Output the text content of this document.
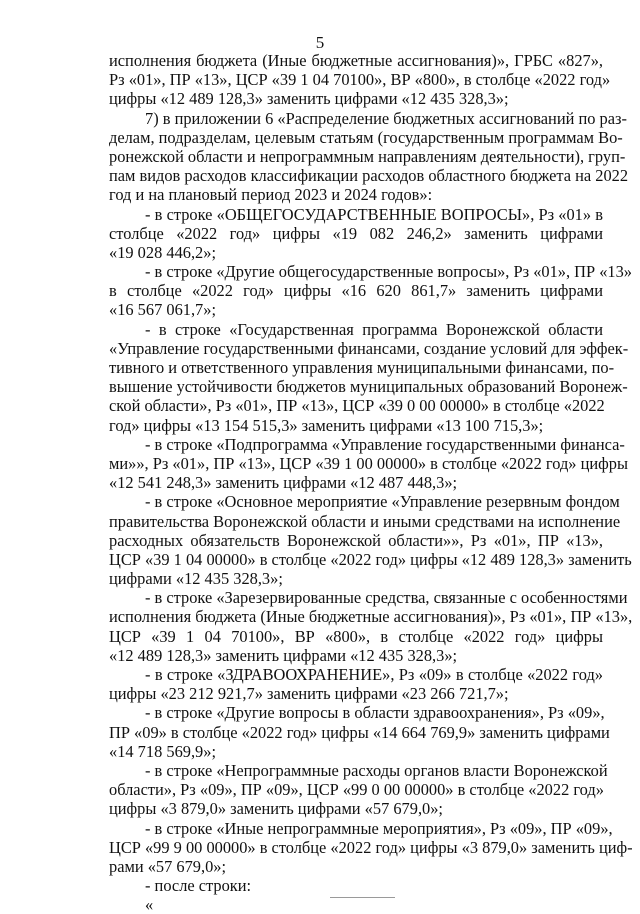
5
исполнения бюджета (Иные бюджетные ассигнования)», ГРБС «827»,
Рз «01», ПР «13», ЦСР «39 1 04 70100», ВР «800», в столбце «2022 год»
цифры «12 489 128,3» заменить цифрами «12 435 328,3»;
7) в приложении 6 «Распределение бюджетных ассигнований по раз-
делам, подразделам, целевым статьям (государственным программам Во-
ронежской области и непрограммным направлениям деятельности), груп-
пам видов расходов классификации расходов областного бюджета на 2022
год и на плановый период 2023 и 2024 годов»:
- в строке «ОБЩЕГОСУДАРСТВЕННЫЕ ВОПРОСЫ», Рз «01» в
столбце «2022 год» цифры «19 082 246,2» заменить цифрами
«19 028 446,2»;
- в строке «Другие общегосударственные вопросы», Рз «01», ПР «13»
в столбце «2022 год» цифры «16 620 861,7» заменить цифрами
«16 567 061,7»;
- в строке «Государственная программа Воронежской области
«Управление государственными финансами, создание условий для эффек-
тивного и ответственного управления муниципальными финансами, по-
вышение устойчивости бюджетов муниципальных образований Воронеж-
ской области», Рз «01», ПР «13», ЦСР «39 0 00 00000» в столбце «2022
год» цифры «13 154 515,3» заменить цифрами «13 100 715,3»;
- в строке «Подпрограмма «Управление государственными финанса-
ми»», Рз «01», ПР «13», ЦСР «39 1 00 00000» в столбце «2022 год» цифры
«12 541 248,3» заменить цифрами «12 487 448,3»;
- в строке «Основное мероприятие «Управление резервным фондом
правительства Воронежской области и иными средствами на исполнение
расходных обязательств Воронежской области»», Рз «01», ПР «13»,
ЦСР «39 1 04 00000» в столбце «2022 год» цифры «12 489 128,3» заменить
цифрами «12 435 328,3»;
- в строке «Зарезервированные средства, связанные с особенностями
исполнения бюджета (Иные бюджетные ассигнования)», Рз «01», ПР «13»,
ЦСР «39 1 04 70100», ВР «800», в столбце «2022 год» цифры
«12 489 128,3» заменить цифрами «12 435 328,3»;
- в строке «ЗДРАВООХРАНЕНИЕ», Рз «09» в столбце «2022 год»
цифры «23 212 921,7» заменить цифрами «23 266 721,7»;
- в строке «Другие вопросы в области здравоохранения», Рз «09»,
ПР «09» в столбце «2022 год» цифры «14 664 769,9» заменить цифрами
«14 718 569,9»;
- в строке «Непрограммные расходы органов власти Воронежской
области», Рз «09», ПР «09», ЦСР «99 0 00 00000» в столбце «2022 год»
цифры «3 879,0» заменить цифрами «57 679,0»;
- в строке «Иные непрограммные мероприятия», Рз «09», ПР «09»,
ЦСР «99 9 00 00000» в столбце «2022 год» цифры «3 879,0» заменить циф-
рами «57 679,0»;
- после строки:
«
